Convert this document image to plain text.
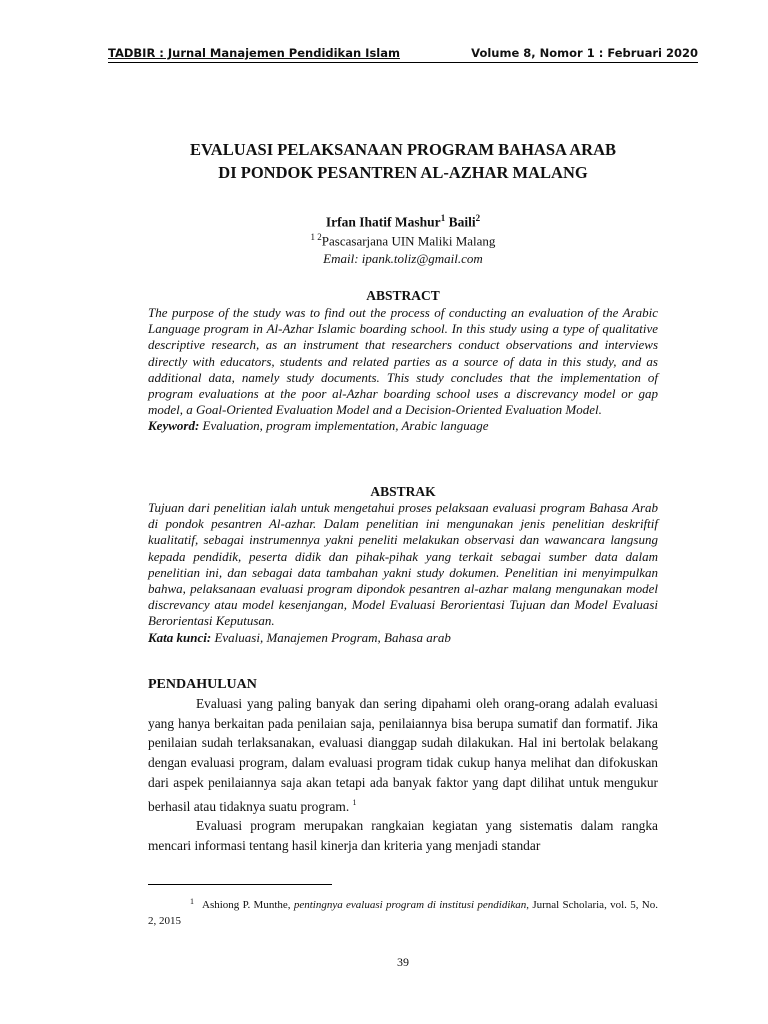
TADBIR : Jurnal Manajemen Pendidikan Islam	Volume 8, Nomor 1 : Februari 2020
EVALUASI PELAKSANAAN PROGRAM BAHASA ARAB
DI PONDOK PESANTREN AL-AZHAR MALANG
Irfan Ihatif Mashur$^1$ Baili$^2$
$^{1 2}$Pascasarjana UIN Maliki Malang
Email: ipank.toliz@gmail.com
ABSTRACT

The purpose of the study was to find out the process of conducting an evaluation of the Arabic Language program in Al-Azhar Islamic boarding school. In this study using a type of qualitative descriptive research, as an instrument that researchers conduct observations and interviews directly with educators, students and related parties as a source of data in this study, and as additional data, namely study documents. This study concludes that the implementation of program evaluations at the poor al-Azhar boarding school uses a discrevancy model or gap model, a Goal-Oriented Evaluation Model and a Decision-Oriented Evaluation Model.

Keyword: Evaluation, program implementation, Arabic language
ABSTRAK

Tujuan dari penelitian ialah untuk mengetahui proses pelaksaan evaluasi program Bahasa Arab di pondok pesantren Al-azhar. Dalam penelitian ini mengunakan jenis penelitian deskriftif kualitatif, sebagai instrumennya yakni peneliti melakukan observasi dan wawancara langsung kepada pendidik, peserta didik dan pihak-pihak yang terkait sebagai sumber data dalam penelitian ini, dan sebagai data tambahan yakni study dokumen. Penelitian ini menyimpulkan bahwa, pelaksanaan evaluasi program dipondok pesantren al-azhar malang mengunakan model discrevancy atau model kesenjangan, Model Evaluasi Berorientasi Tujuan dan Model Evaluasi Berorientasi Keputusan.

Kata kunci: Evaluasi, Manajemen Program, Bahasa arab
PENDAHULUAN

Evaluasi yang paling banyak dan sering dipahami oleh orang-orang adalah evaluasi yang hanya berkaitan pada penilaian saja, penilaiannya bisa berupa sumatif dan formatif. Jika penilaian sudah terlaksanakan, evaluasi dianggap sudah dilakukan. Hal ini bertolak belakang dengan evaluasi program, dalam evaluasi program tidak cukup hanya melihat dan difokuskan dari aspek penilaiannya saja akan tetapi ada banyak faktor yang dapt dilihat untuk mengukur berhasil atau tidaknya suatu program. $^1$

Evaluasi program merupakan rangkaian kegiatan yang sistematis dalam rangka mencari informasi tentang hasil kinerja dan kriteria yang menjadi standar

$^1$ Ashiong P. Munthe, pentingnya evaluasi program di institusi pendidikan, Jurnal Scholaria, vol. 5, No. 2, 2015
39
